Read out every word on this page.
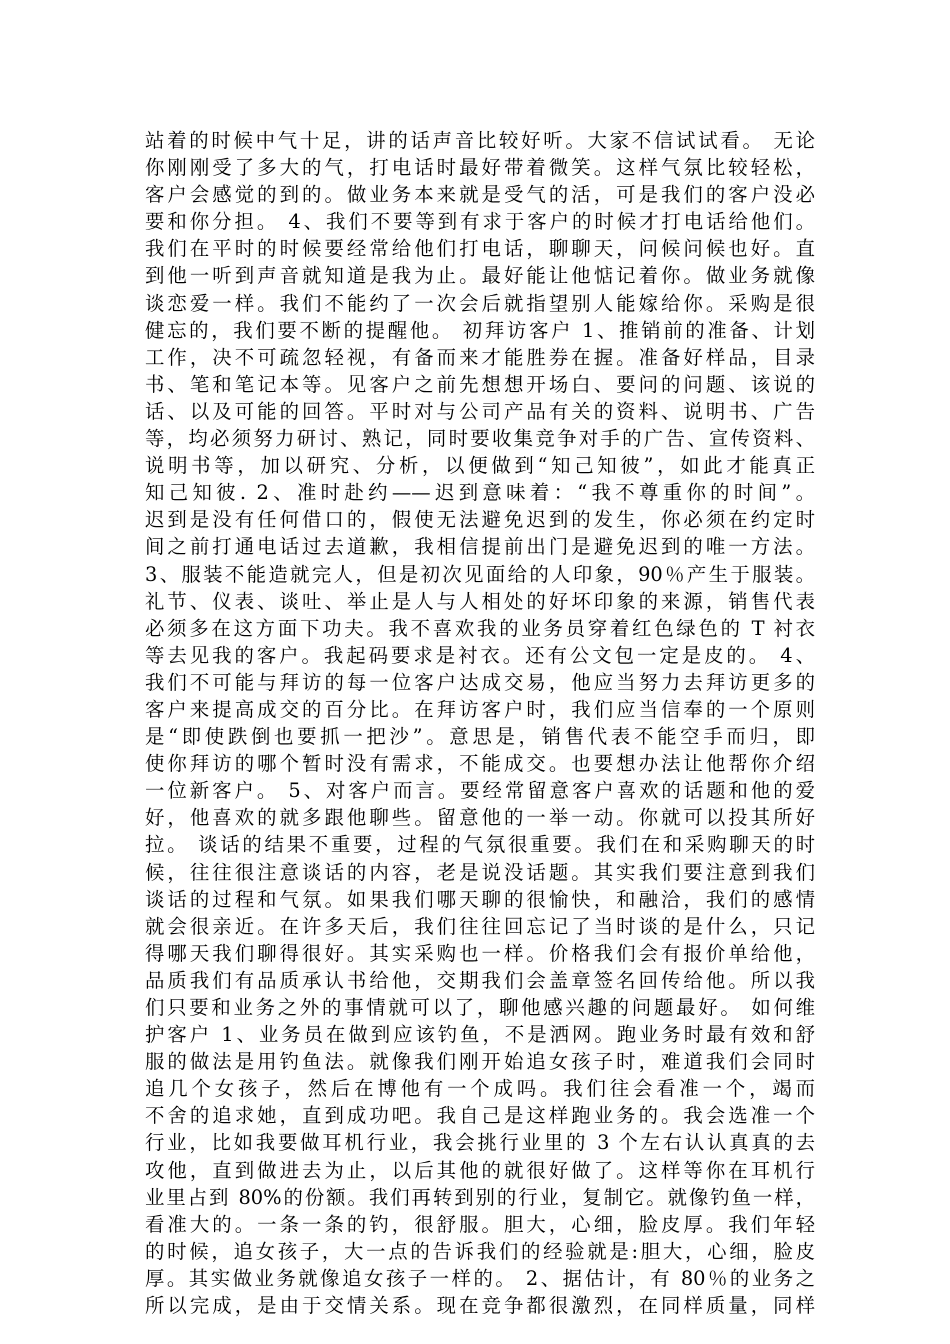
站着的时候中气十足，讲的话声音比较好听。大家不信试试看。 无论
你刚刚受了多大的气，打电话时最好带着微笑。这样气氛比较轻松，
客户会感觉的到的。做业务本来就是受气的活，可是我们的客户没必
要和你分担。 4、我们不要等到有求于客户的时候才打电话给他们。
我们在平时的时候要经常给他们打电话，聊聊天，问候问候也好。直
到他一听到声音就知道是我为止。最好能让他惦记着你。做业务就像
谈恋爱一样。我们不能约了一次会后就指望别人能嫁给你。采购是很
健忘的，我们要不断的提醒他。 初拜访客户 1、推销前的准备、计划
工作，决不可疏忽轻视，有备而来才能胜券在握。准备好样品，目录
书、笔和笔记本等。见客户之前先想想开场白、要问的问题、该说的
话、以及可能的回答。平时对与公司产品有关的资料、说明书、广告
等，均必须努力研讨、熟记，同时要收集竞争对手的广告、宣传资料、
说明书等，加以研究、分析，以便做到“知己知彼”，如此才能真正
知己知彼. 2、准时赴约——迟到意味着：“我不尊重你的时间”。
迟到是没有任何借口的，假使无法避免迟到的发生，你必须在约定时
间之前打通电话过去道歉，我相信提前出门是避免迟到的唯一方法。
3、服装不能造就完人，但是初次见面给的人印象，90％产生于服装。
礼节、仪表、谈吐、举止是人与人相处的好坏印象的来源，销售代表
必须多在这方面下功夫。我不喜欢我的业务员穿着红色绿色的 T 衬衣
等去见我的客户。我起码要求是衬衣。还有公文包一定是皮的。 4、
我们不可能与拜访的每一位客户达成交易，他应当努力去拜访更多的
客户来提高成交的百分比。在拜访客户时，我们应当信奉的一个原则
是“即使跌倒也要抓一把沙”。意思是，销售代表不能空手而归，即
使你拜访的哪个暂时没有需求，不能成交。也要想办法让他帮你介绍
一位新客户。 5、对客户而言。要经常留意客户喜欢的话题和他的爱
好，他喜欢的就多跟他聊些。留意他的一举一动。你就可以投其所好
拉。 谈话的结果不重要，过程的气氛很重要。我们在和采购聊天的时
候，往往很注意谈话的内容，老是说没话题。其实我们要注意到我们
谈话的过程和气氛。如果我们哪天聊的很愉快，和融洽，我们的感情
就会很亲近。在许多天后，我们往往回忘记了当时谈的是什么，只记
得哪天我们聊得很好。其实采购也一样。价格我们会有报价单给他，
品质我们有品质承认书给他，交期我们会盖章签名回传给他。所以我
们只要和业务之外的事情就可以了，聊他感兴趣的问题最好。 如何维
护客户 1、业务员在做到应该钓鱼，不是洒网。跑业务时最有效和舒
服的做法是用钓鱼法。就像我们刚开始追女孩子时，难道我们会同时
追几个女孩子，然后在博他有一个成吗。我们往会看准一个，竭而
不舍的追求她，直到成功吧。我自己是这样跑业务的。我会选准一个
行业，比如我要做耳机行业，我会挑行业里的 3 个左右认认真真的去
攻他，直到做进去为止，以后其他的就很好做了。这样等你在耳机行
业里占到 80%的份额。我们再转到别的行业，复制它。就像钓鱼一样，
看准大的。一条一条的钓，很舒服。胆大，心细，脸皮厚。我们年轻
的时候，追女孩子，大一点的告诉我们的经验就是:胆大，心细，脸皮
厚。其实做业务就像追女孩子一样的。 2、据估计，有 80％的业务之
所以完成，是由于交情关系。现在竞争都很激烈，在同样质量，同样
